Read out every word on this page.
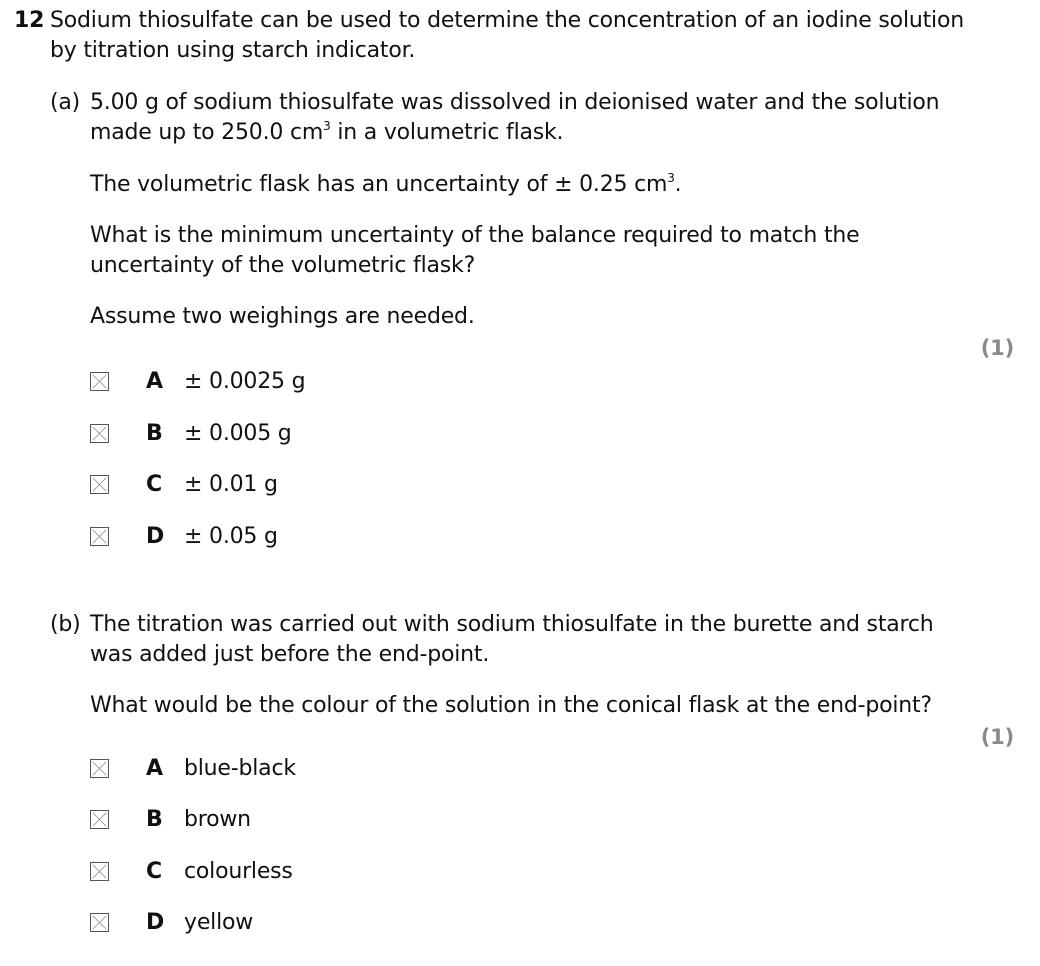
12 Sodium thiosulfate can be used to determine the concentration of an iodine solution
by titration using starch indicator.
(a) 5.00 g of sodium thiosulfate was dissolved in deionised water and the solution
made up to 250.0 $cm^3$ in a volumetric flask.
The volumetric flask has an uncertainty of ± 0.25 $cm^3$.
What is the minimum uncertainty of the balance required to match the
uncertainty of the volumetric flask?
Assume two weighings are needed.
(1)
A ± 0.0025 g
B ± 0.005 g
C ± 0.01 g
D ± 0.05 g
(b) The titration was carried out with sodium thiosulfate in the burette and starch
was added just before the end-point.
What would be the colour of the solution in the conical flask at the end-point?
(1)
A blue-black
B brown
C colourless
D yellow
